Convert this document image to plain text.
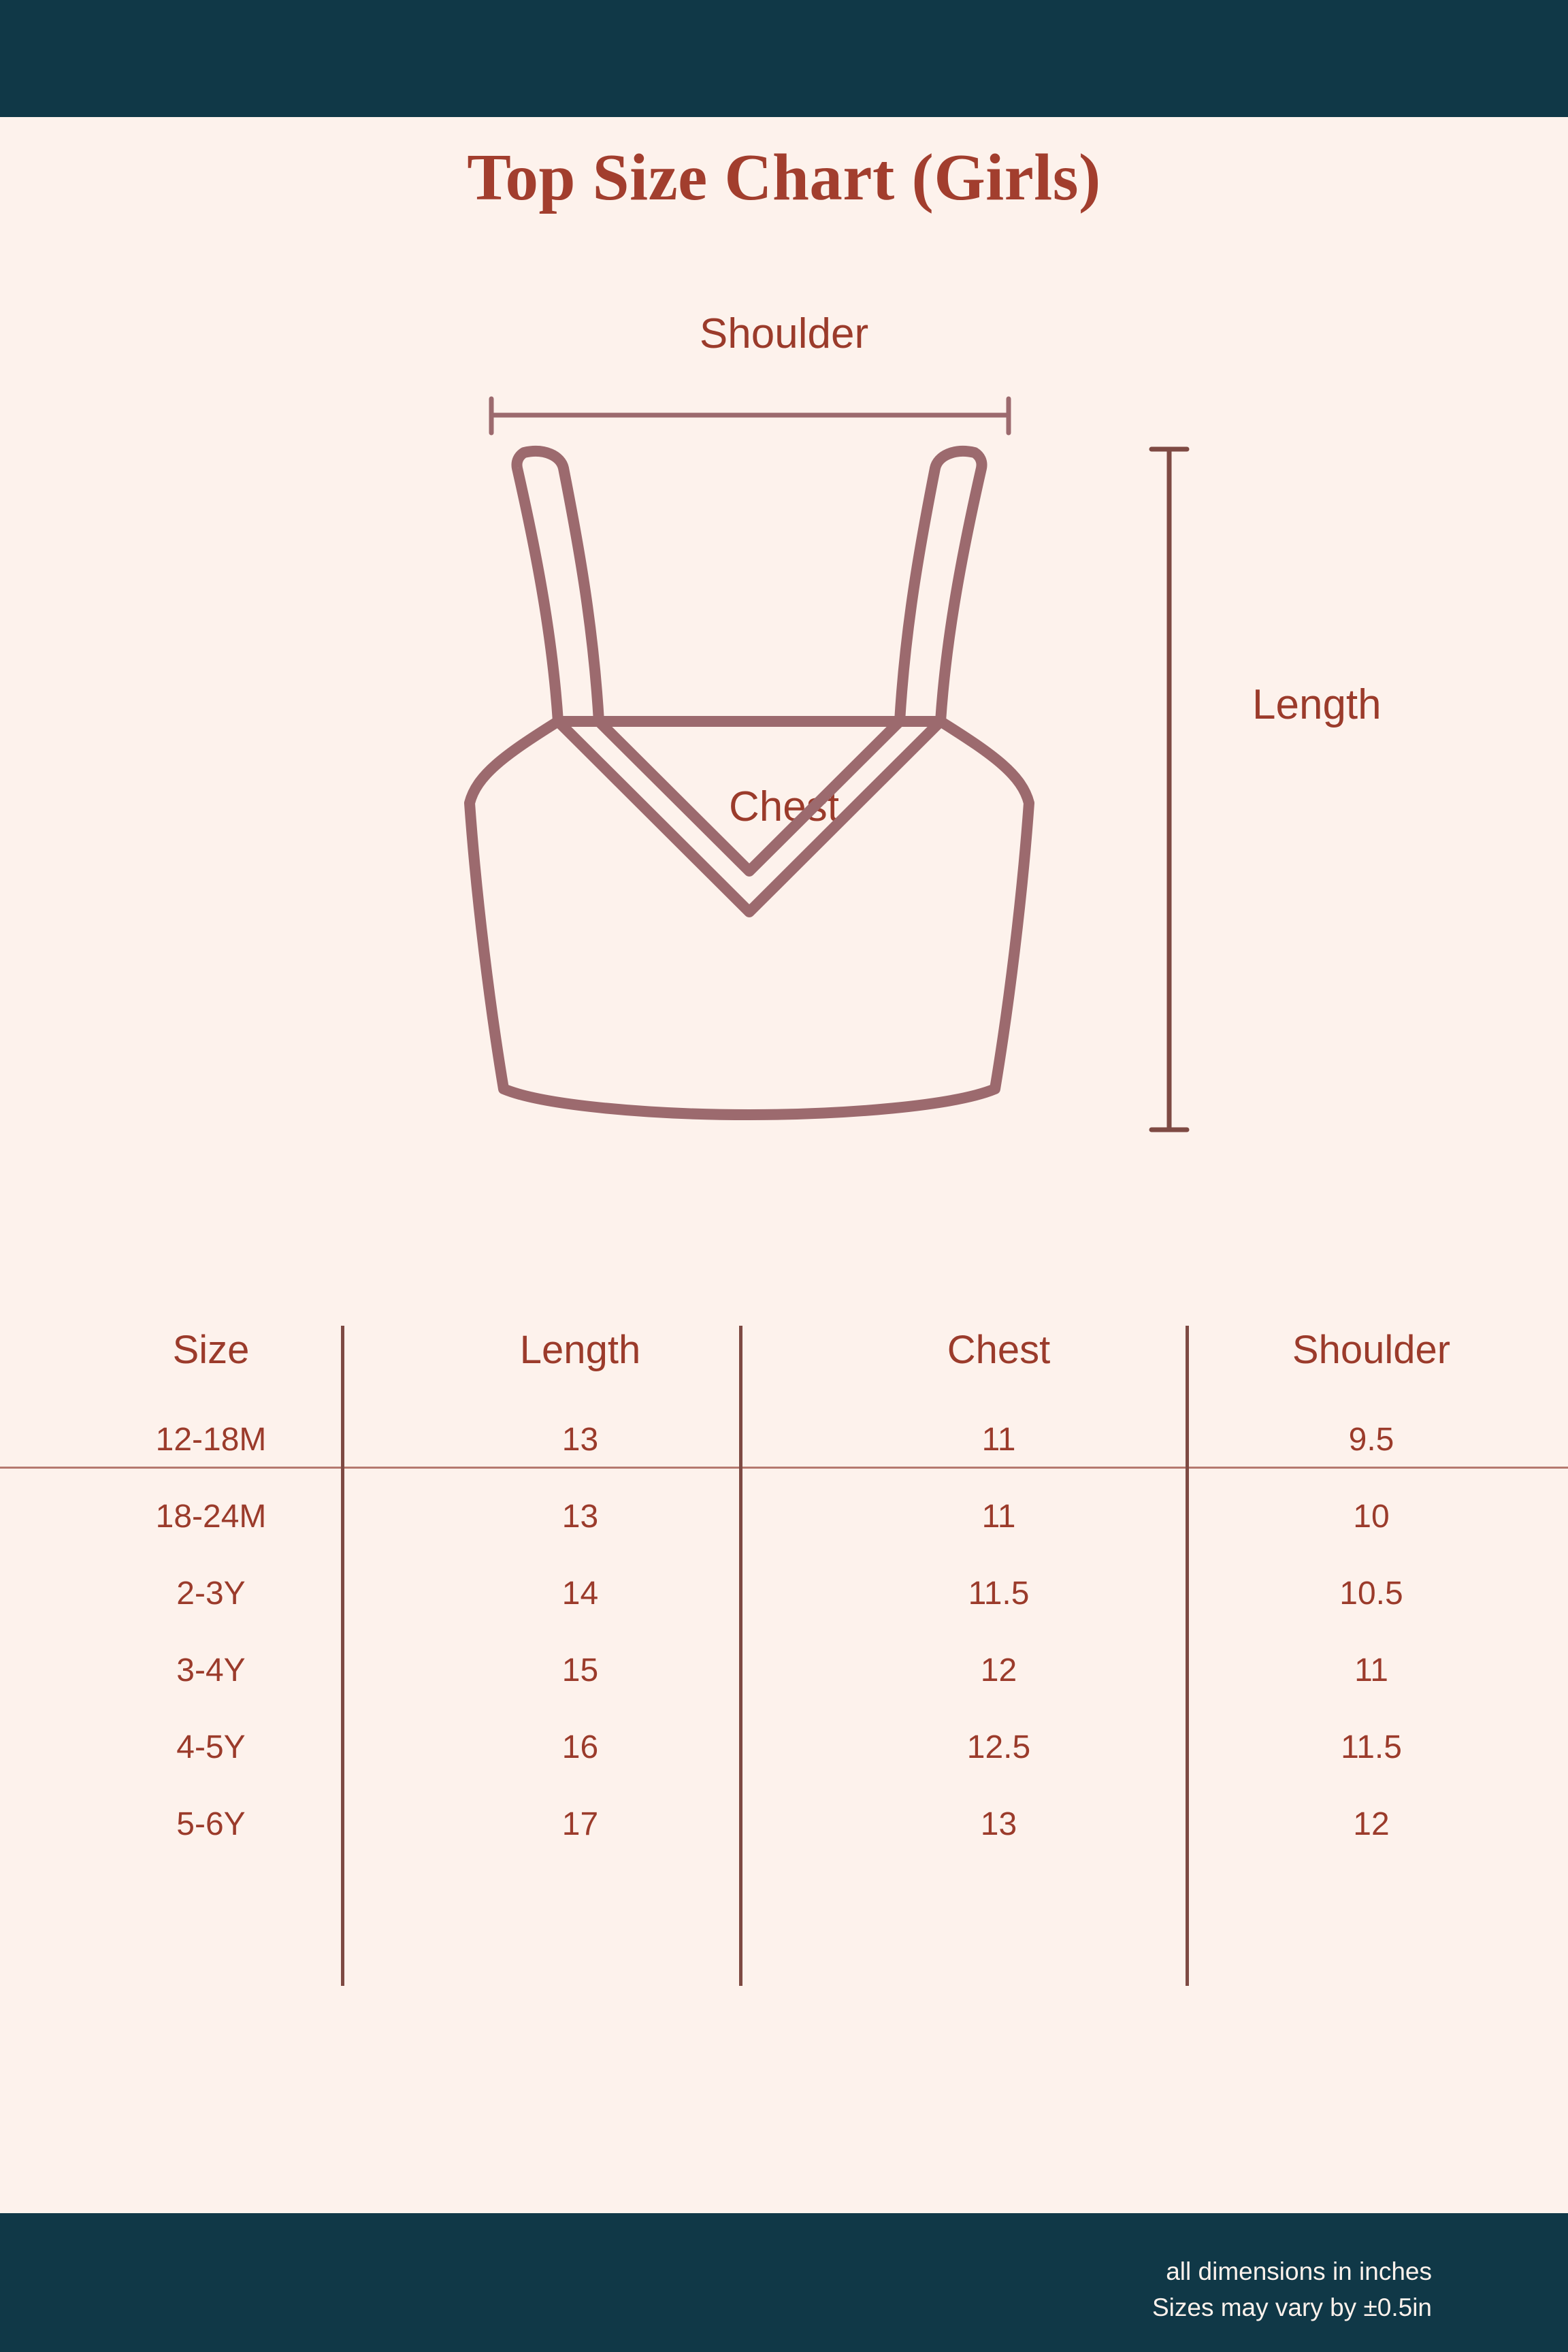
Top Size Chart (Girls)
Shoulder
Length
Chest
Size	Length	Chest	Shoulder
12-18M	13	11	9.5
18-24M	13	11	10
2-3Y	14	11.5	10.5
3-4Y	15	12	11
4-5Y	16	12.5	11.5
5-6Y	17	13	12
all dimensions in inches
Sizes may vary by ±0.5in
